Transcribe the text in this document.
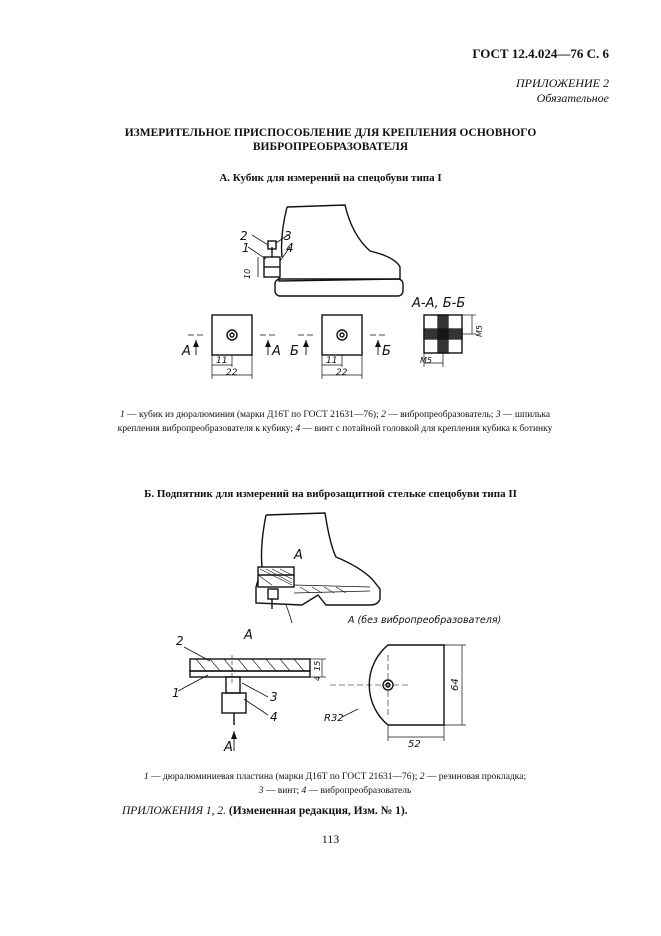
ГОСТ 12.4.024—76 С. 6
ПРИЛОЖЕНИЕ 2
Обязательное
ИЗМЕРИТЕЛЬНОЕ ПРИСПОСОБЛЕНИЕ ДЛЯ КРЕПЛЕНИЯ ОСНОВНОГО
ВИБРОПРЕОБРАЗОВАТЕЛЯ
А. Кубик для измерений на спецобуви типа I
2
1
3
4
10
А	А
11
22
Б	Б
11
22
А-А, Б-Б
M5
M5
1 — кубик из дюралюминия (марки Д16Т по ГОСТ 21631—76); 2 — вибропреобразователь; 3 — шпилька крепления вибропреобразователя к кубику; 4 — винт с потайной головкой для крепления кубика к ботинку
Б. Подпятник для измерений на виброзащитной стельке спецобуви типа II
А
А (без вибропреобразователя)
А
2
1	3
4
А
4
15
64
52
R32
1 — дюралюминиевая пластина (марки Д16Т по ГОСТ 21631—76); 2 — резиновая прокладка;
3 — винт; 4 — вибропреобразователь
ПРИЛОЖЕНИЯ 1, 2. (Измененная редакция, Изм. № 1).
113
